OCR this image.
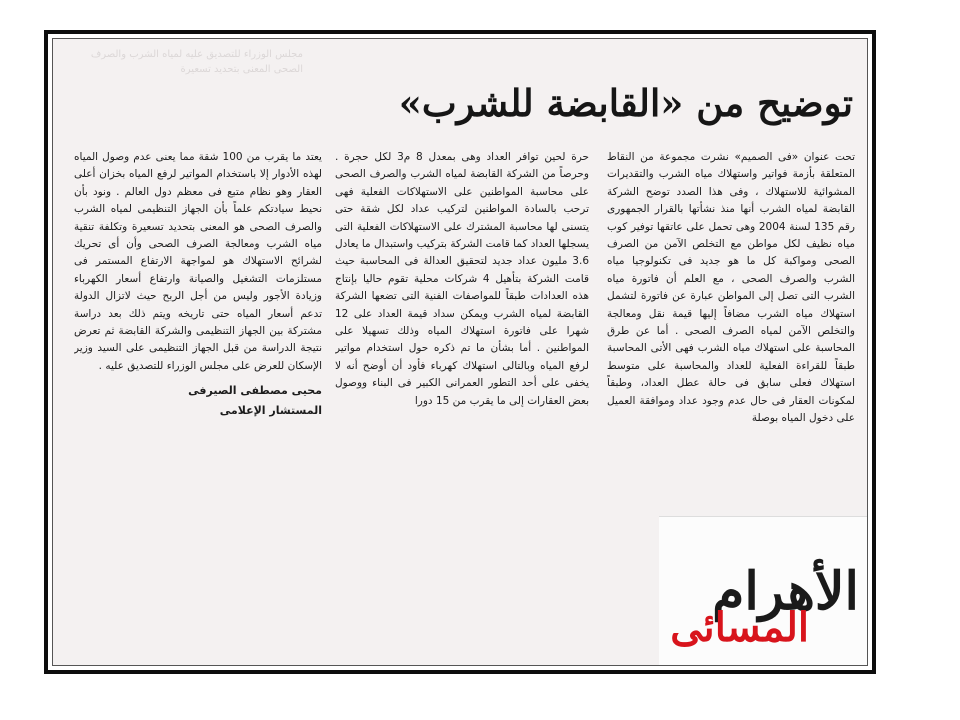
مجلس الوزراء للتصديق عليه لمياه الشرب والصرف الصحى المعنى بتحديد تسعيرة
توضيح من «القابضة للشرب»

تحت عنوان «فى الصميم» نشرت مجموعة من النقاط المتعلقة بأزمة فواتير واستهلاك مياه الشرب والتقديرات المشوائية للاستهلاك ، وفى هذا الصدد توضح الشركة القابضة لمياه الشرب أنها منذ نشأتها بالقرار الجمهورى رقم 135 لسنة 2004 وهى تحمل على عاتقها توفير كوب مياه نظيف لكل مواطن مع التخلص الآمن من الصرف الصحى ومواكبة كل ما هو جديد فى تكنولوجيا مياه الشرب والصرف الصحى ، مع العلم أن فاتورة مياه الشرب التى تصل إلى المواطن عبارة عن فاتورة لتشمل استهلاك مياه الشرب مضافاً إليها قيمة نقل ومعالجة والتخلص الآمن لمياه الصرف الصحى . أما عن طرق المحاسبة على استهلاك مياه الشرب فهى الأتى المحاسبة طبقاً للقراءة الفعلية للعداد والمحاسبة على متوسط استهلاك فعلى سابق فى حالة عطل العداد، وطبقاً لمكونات العقار فى حال عدم وجود عداد وموافقة العميل على دخول المياه بوصلة

حرة لحين توافر العداد وهى بمعدل 8 م3 لكل حجرة . وحرصاً من الشركة القابضة لمياه الشرب والصرف الصحى على محاسبة المواطنين على الاستهلاكات الفعلية فهى ترحب بالسادة المواطنين لتركيب عداد لكل شقة حتى يتسنى لها محاسبة المشترك على الاستهلاكات الفعلية التى يسجلها العداد كما قامت الشركة بتركيب واستبدال ما يعادل 3.6 مليون عداد جديد لتحقيق العدالة فى المحاسبة حيث قامت الشركة بتأهيل 4 شركات محلية تقوم حاليا بإنتاج هذه العدادات طبقاً للمواصفات الفنية التى تضعها الشركة القابضة لمياه الشرب ويمكن سداد قيمة العداد على 12 شهرا على فاتورة استهلاك المياه وذلك تسهيلا على المواطنين . أما بشأن ما تم ذكره حول استخدام مواتير لرفع المياه وبالتالى استهلاك كهرباء فأود أن أوضح أنه لا يخفى على أحد التطور العمرانى الكبير فى البناء ووصول بعض العقارات إلى ما يقرب من 15 دورا

يعتد ما يقرب من 100 شقة مما يعنى عدم وصول المياه لهذه الأدوار إلا باستخدام المواتير لرفع المياه بخزان أعلى العقار وهو نظام متبع فى معظم دول العالم . ونود بأن نحيط سيادتكم علماً بأن الجهاز التنظيمى لمياه الشرب والصرف الصحى هو المعنى بتحديد تسعيرة وتكلفة تنقية مياه الشرب ومعالجة الصرف الصحى وأن أى تحريك لشرائح الاستهلاك هو لمواجهة الارتفاع المستمر فى مستلزمات التشغيل والصيانة وارتفاع أسعار الكهرباء وزيادة الأجور وليس من أجل الربح حيث لاتزال الدولة تدعم أسعار المياه حتى تاريخه ويتم ذلك بعد دراسة مشتركة بين الجهاز التنظيمى والشركة القابضة ثم تعرض نتيجة الدراسة من قبل الجهاز التنظيمى على السيد وزير الإسكان للعرض على مجلس الوزراء للتصديق عليه .

محيى مصطفى الصيرفى
المستشار الإعلامى
الأهرام
المسائى
